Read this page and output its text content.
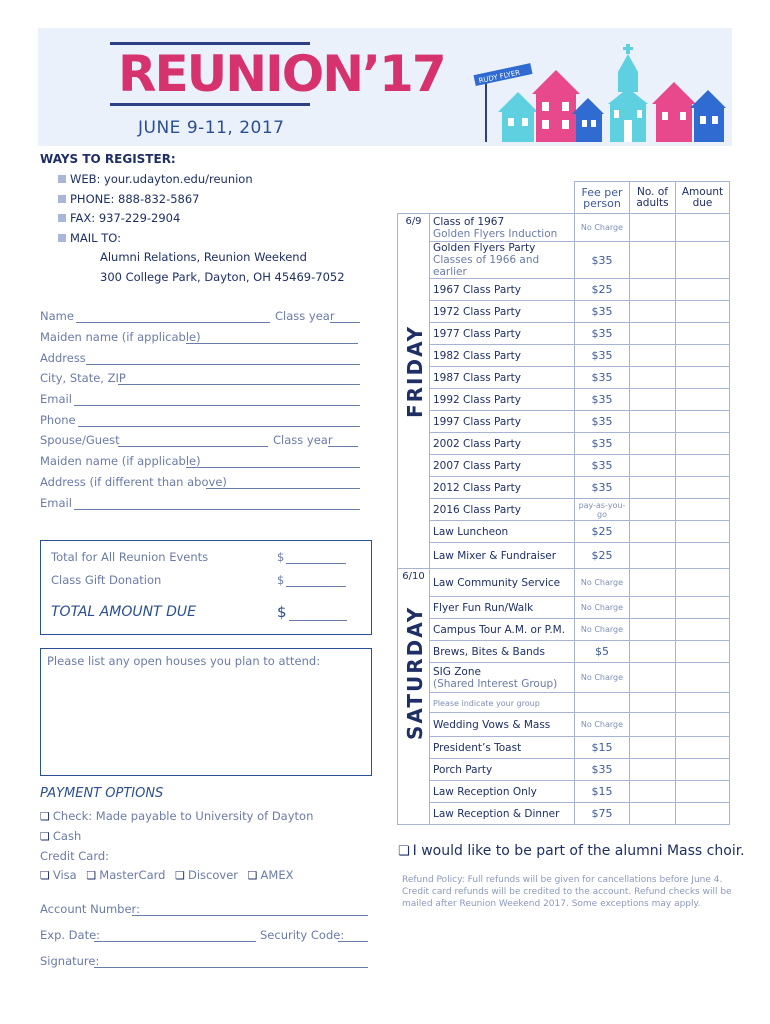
REUNION’17
JUNE 9-11, 2017
RUDY FLYER
WAYS TO REGISTER:
WEB: your.udayton.edu/reunion
PHONE: 888-832-5867
FAX: 937-229-2904
MAIL TO:
Alumni Relations, Reunion Weekend
300 College Park, Dayton, OH 45469-7052
Name	Class year
Maiden name (if applicable)
Address
City, State, ZIP
Email
Phone
Spouse/Guest	Class year
Maiden name (if applicable)
Address (if different than above)
Email
Total for All Reunion Events	$
Class Gift Donation	$
TOTAL AMOUNT DUE	$
Please list any open houses you plan to attend:
PAYMENT OPTIONS
❏ Check: Made payable to University of Dayton
❏ Cash
Credit Card:
❏ Visa ❏ MasterCard ❏ Discover ❏ AMEX
Account Number:
Exp. Date:	Security Code:
Signature:
		Fee per person	No. of adults	Amount due
6/9	Class of 1967
Golden Flyers Induction	No Charge		
	Golden Flyers Party
Classes of 1966 and earlier	$35		
	1967 Class Party	$25		
	1972 Class Party	$35		
	1977 Class Party	$35		
	1982 Class Party	$35		
	1987 Class Party	$35		
	1992 Class Party	$35		
	1997 Class Party	$35		
	2002 Class Party	$35		
	2007 Class Party	$35		
	2012 Class Party	$35		
	2016 Class Party	pay-as-you-go		
	Law Luncheon	$25		
	Law Mixer & Fundraiser	$25		
6/10	Law Community Service	No Charge		
	Flyer Fun Run/Walk	No Charge		
	Campus Tour A.M. or P.M.	No Charge		
	Brews, Bites & Bands	$5		
	SIG Zone
(Shared Interest Group)	No Charge		
	Please indicate your group			
	Wedding Vows & Mass	No Charge		
	President’s Toast	$15		
	Porch Party	$35		
	Law Reception Only	$15		
	Law Reception & Dinner	$75		
FRIDAY
SATURDAY
❏ I would like to be part of the alumni Mass choir.
Refund Policy: Full refunds will be given for cancellations before June 4. Credit card refunds will be credited to the account. Refund checks will be mailed after Reunion Weekend 2017. Some exceptions may apply.
